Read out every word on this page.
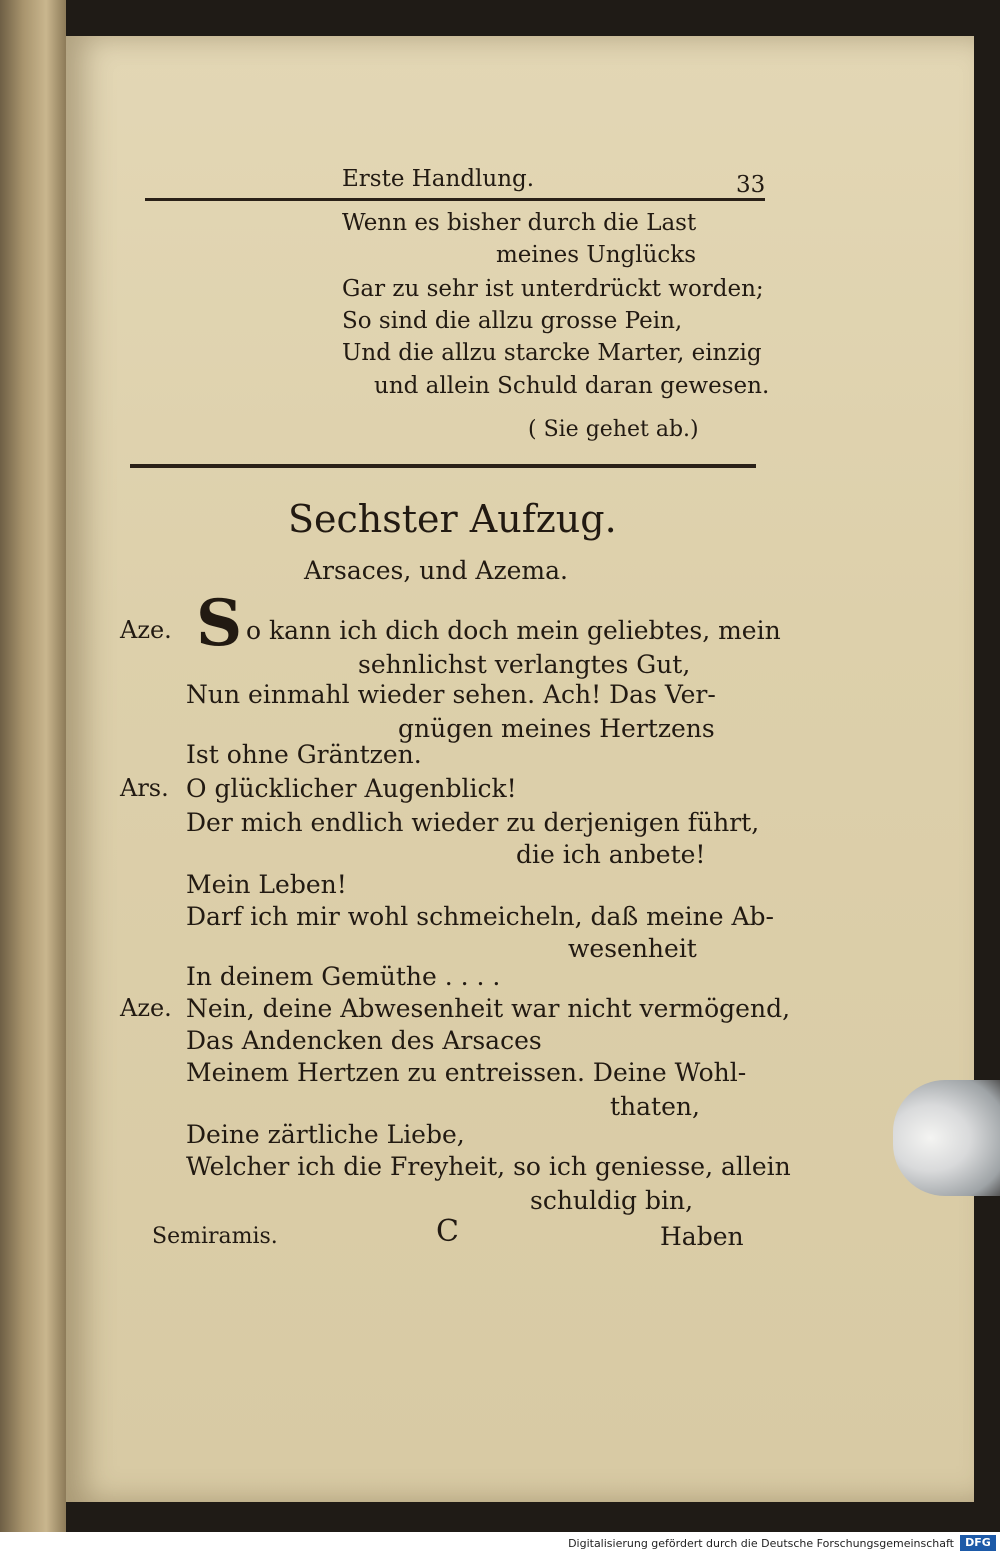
Erste Handlung.	33
Wenn es bisher durch die Last
meines Unglücks
Gar zu sehr ist unterdrückt worden;
So sind die allzu grosse Pein,
Und die allzu starcke Marter, einzig
und allein Schuld daran gewesen.
( Sie gehet ab.)
Sechster Aufzug.
Arsaces, und Azema.
Aze. S o kann ich dich doch mein geliebtes, mein
sehnlichst verlangtes Gut,
Nun einmahl wieder sehen. Ach! Das Ver-
gnügen meines Hertzens
Ist ohne Gräntzen.
Ars. O glücklicher Augenblick!
Der mich endlich wieder zu derjenigen führt,
die ich anbete!
Mein Leben!
Darf ich mir wohl schmeicheln, daß meine Ab-
wesenheit
In deinem Gemüthe . . . .
Aze. Nein, deine Abwesenheit war nicht vermögend,
Das Andencken des Arsaces
Meinem Hertzen zu entreissen. Deine Wohl-
thaten,
Deine zärtliche Liebe,
Welcher ich die Freyheit, so ich geniesse, allein
schuldig bin,
Semiramis.	C	Haben
Digitalisierung gefördert durch die Deutsche Forschungsgemeinschaft	DFG
